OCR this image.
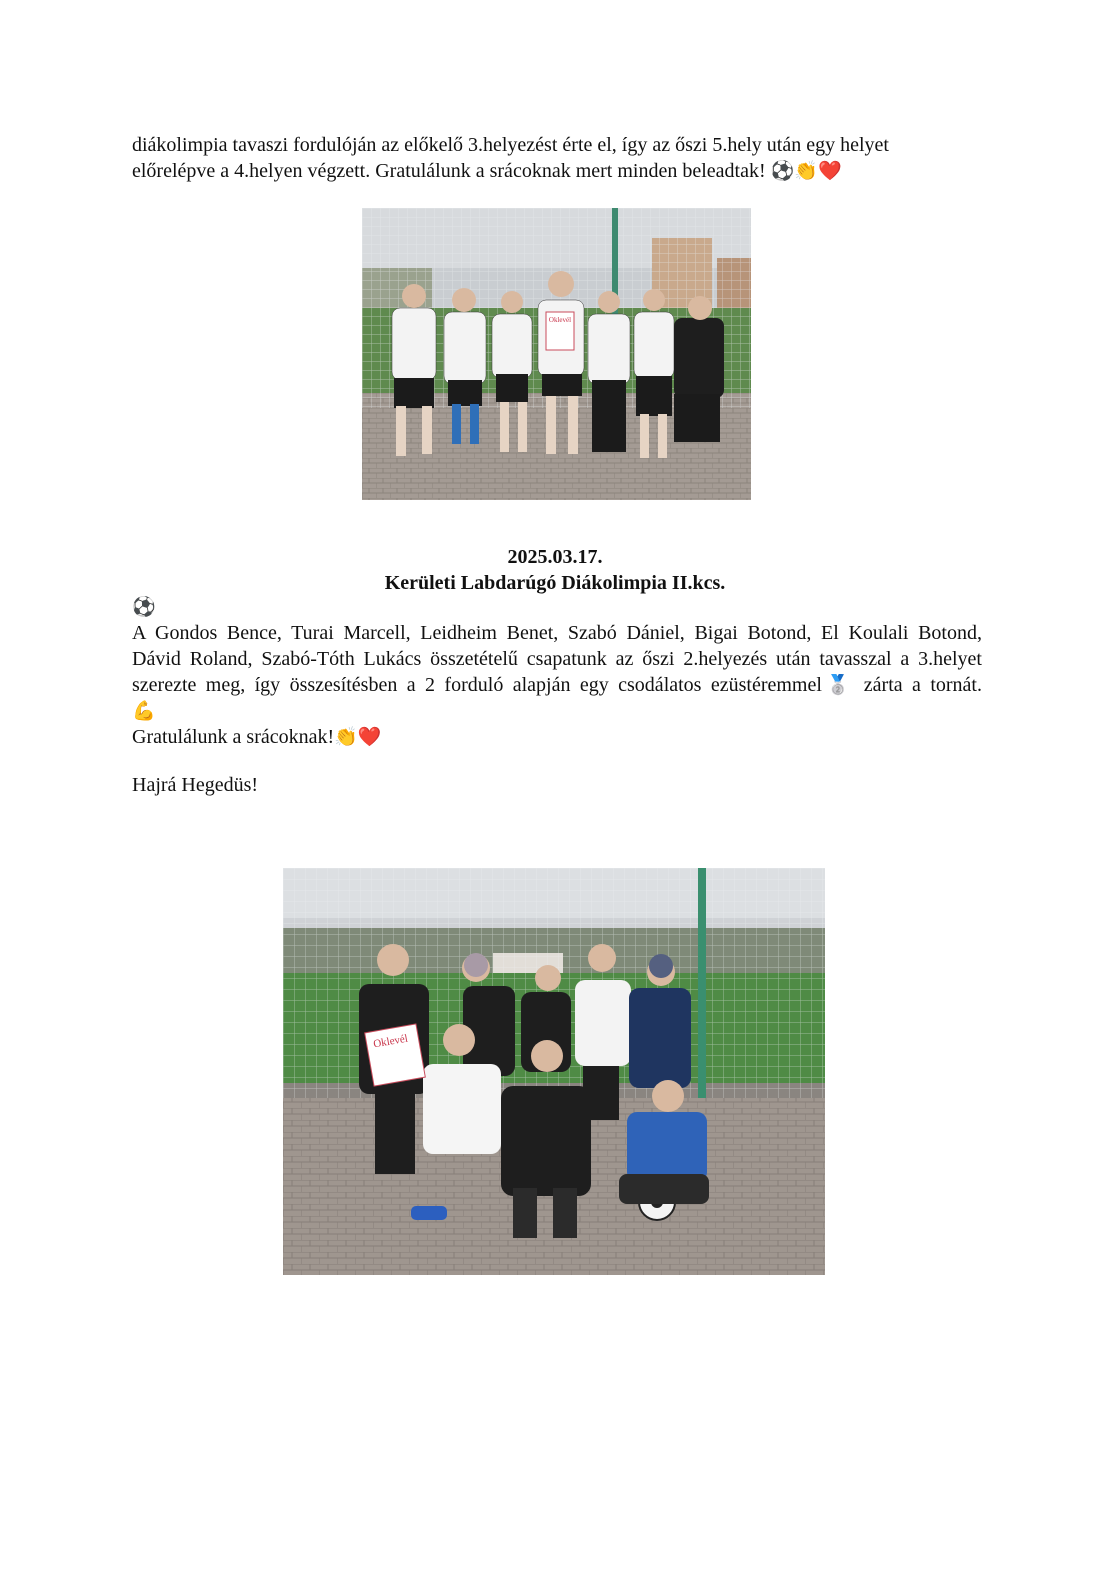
diákolimpia tavaszi fordulóján az előkelő 3.helyezést érte el, így az őszi 5.hely után egy helyet
előrelépve a 4.helyen végzett. Gratulálunk a srácoknak mert minden beleadtak! ⚽👏❤️
Oklevél
2025.03.17.
Kerületi Labdarúgó Diákolimpia II.kcs.
⚽
A Gondos Bence, Turai Marcell, Leidheim Benet, Szabó Dániel, Bigai Botond, El Koulali Botond,
Dávid Roland, Szabó-Tóth Lukács összetételű csapatunk az őszi 2.helyezés után tavasszal a 3.helyet
szerezte meg, így összesítésben a 2 forduló alapján egy csodálatos ezüstéremmel🥈 zárta a tornát.
💪
Gratulálunk a srácoknak!👏❤️
Hajrá Hegedüs!
Oklevél
